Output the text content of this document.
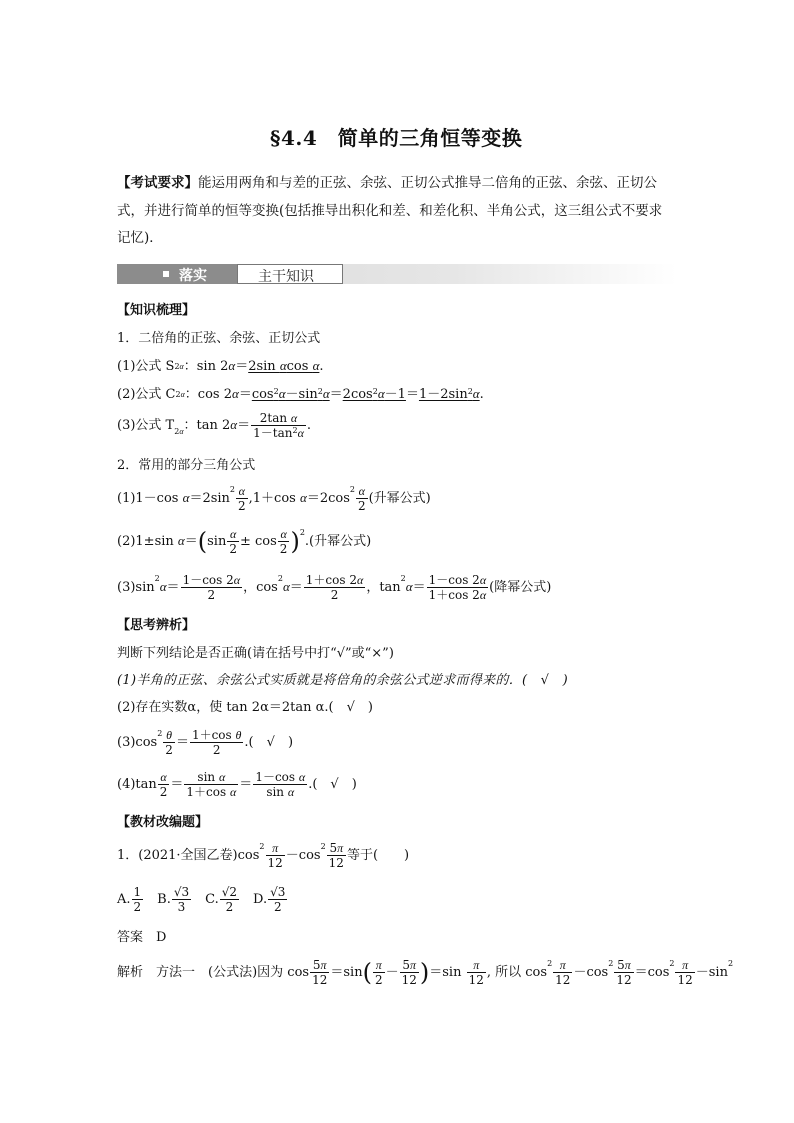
§4.4　简单的三角恒等变换
【考试要求】能运用两角和与差的正弦、余弦、正切公式推导二倍角的正弦、余弦、正切公
式，并进行简单的恒等变换(包括推导出积化和差、和差化积、半角公式，这三组公式不要求
记忆)．
落实	主干知识
【知识梳理】
1．二倍角的正弦、余弦、正切公式
(1)公式 S2α：sin 2α＝2sin αcos α.
(2)公式 C2α：$\cos 2\alpha=\cos^2\alpha-\sin^2\alpha=2\cos^2\alpha-1=1-2\sin^2\alpha$.
(3)公式 T2α：$\tan 2\alpha= \frac{\text{2tan α}}{1-\tan^2\alpha}$ .
2．常用的部分三角公式
(1)1－cos $\alpha=2\sin^2 \frac{\alpha}{2} ,1+\cos$ $\alpha=2\cos^2 \frac{\alpha}{2}$ (升幂公式)
(2)1±sin $\alpha=(\sin \frac{\alpha}{2} \pm \cos \frac{\alpha}{2} )^2$.(升幂公式)
$(3)\sin^2\alpha= \frac{1-\cos 2\alpha}{2}$ ，$\cos^2\alpha= \frac{1+\cos 2\alpha}{2}$ ，$\tan^2\alpha= \frac{1-\cos 2\alpha}{1+\cos 2\alpha}$ (降幂公式)
【思考辨析】
判断下列结论是否正确(请在括号中打“√”或“×”)
(1)半角的正弦、余弦公式实质就是将倍角的余弦公式逆求而得来的．(　√　)
(2)存在实数α，使 tan 2α＝2tan α.(　√　)
$(3)\cos^2 \frac{\theta}{2} = \frac{\text{1＋cos θ}}{2}$ .(　√　)
$(4)\tan \frac{\alpha}{2} = \frac{\text{sin α}}{\text{1＋cos α}} = \frac{\text{1－cos α}}{\text{sin α}}$ .(　√　)
【教材改编题】
1．(2021·全国乙卷)$\cos^2 \frac{\pi}{12} -\cos^2 \frac{5\pi}{12}$ 等于(　　)
A. $\frac{1}{2}$ 　B. $\frac{√3}{3}$ 　C. $\frac{√2}{2}$ 　D. $\frac{√3}{2}$
答案　D
解析　方法一　(公式法)因为 $\cos \frac{5\pi}{12} =\sin( \frac{\pi}{2} - \frac{5\pi}{12} )=\sin \frac{\pi}{12}$ , 所以 $\cos^2 \frac{\pi}{12} -\cos^2 \frac{5\pi}{12} =\cos^2 \frac{\pi}{12} -\sin^2$
